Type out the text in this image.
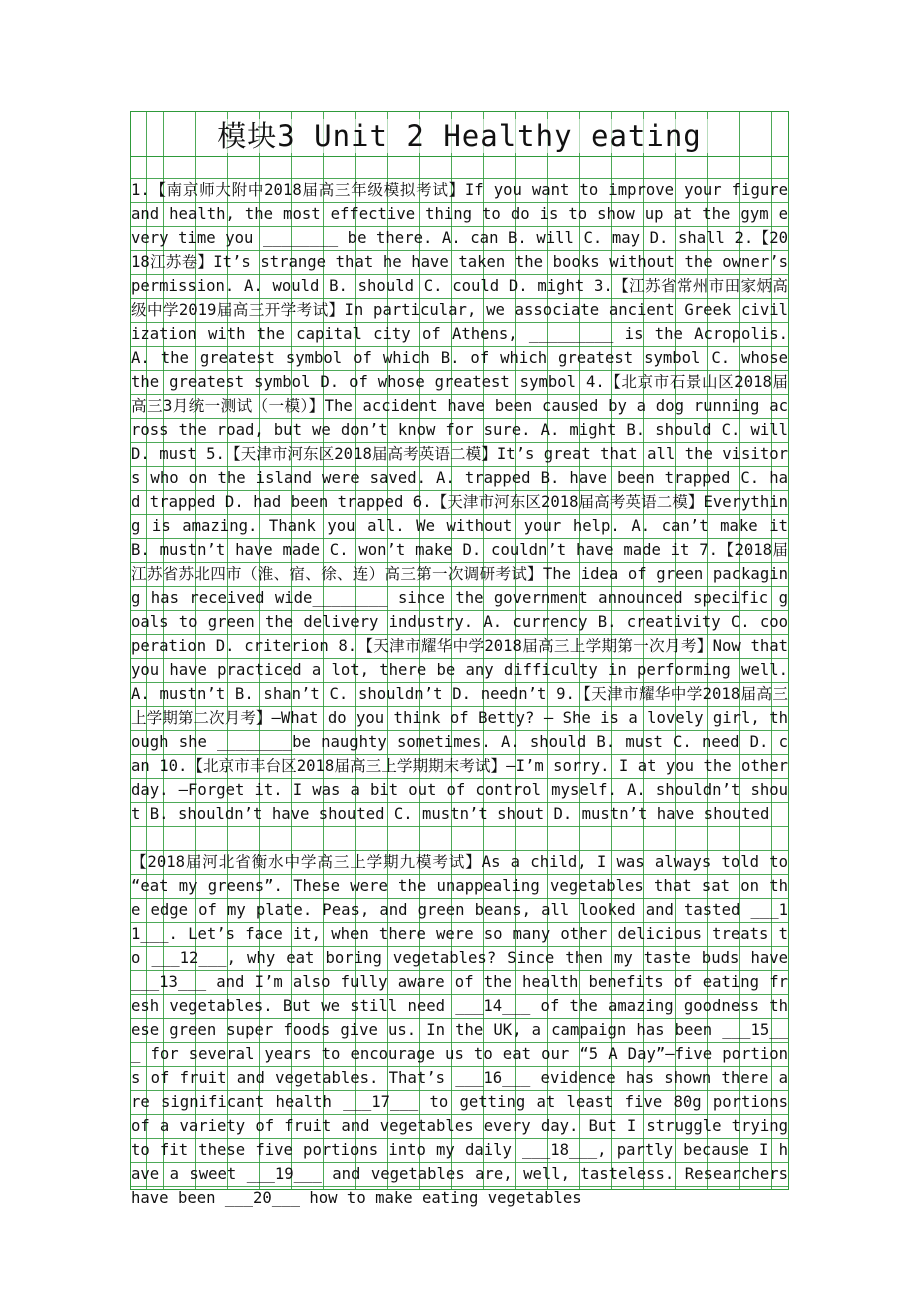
模块3 Unit 2 Healthy eating

1.【南京师大附中2018届高三年级模拟考试】If you want to improve your figure and health, the most effective thing to do is to show up at the gym every time you ________ be there. A. can B. will C. may D. shall 2.【2018江苏卷】It’s strange that he have taken the books without the owner’s permission. A. would B. should C. could D. might 3.【江苏省常州市田家炳高级中学2019届高三开学考试】In particular, we associate ancient Greek civilization with the capital city of Athens, _________ is the Acropolis. A. the greatest symbol of which B. of which greatest symbol C. whose the greatest symbol D. of whose greatest symbol 4.【北京市石景山区2018届高三3月统一测试（一模）】The accident have been caused by a dog running across the road, but we don’t know for sure. A. might B. should C. will D. must 5.【天津市河东区2018届高考英语二模】It’s great that all the visitors who on the island were saved. A. trapped B. have been trapped C. had trapped D. had been trapped 6.【天津市河东区2018届高考英语二模】Everything is amazing. Thank you all. We without your help. A. can’t make it B. mustn’t have made C. won’t make D. couldn’t have made it 7.【2018届江苏省苏北四市（淮、宿、徐、连）高三第一次调研考试】The idea of green packaging has received wide________ since the government announced specific goals to green the delivery industry. A. currency B. creativity C. cooperation D. criterion 8.【天津市耀华中学2018届高三上学期第一次月考】Now that you have practiced a lot, there be any difficulty in performing well. A. mustn’t B. shan’t C. shouldn’t D. needn’t 9.【天津市耀华中学2018届高三上学期第二次月考】—What do you think of Betty? — She is a lovely girl, though she ________be naughty sometimes. A. should B. must C. need D. can 10.【北京市丰台区2018届高三上学期期末考试】—I’m sorry. I at you the other day. —Forget it. I was a bit out of control myself. A. shouldn’t shout B. shouldn’t have shouted C. mustn’t shout D. mustn’t have shouted

【2018届河北省衡水中学高三上学期九模考试】As a child, I was always told to “eat my greens”. These were the unappealing vegetables that sat on the edge of my plate. Peas, and green beans, all looked and tasted ___11___. Let’s face it, when there were so many other delicious treats to ___12___, why eat boring vegetables? Since then my taste buds have ___13___ and I’m also fully aware of the health benefits of eating fresh vegetables. But we still need ___14___ of the amazing goodness these green super foods give us. In the UK, a campaign has been ___15___ for several years to encourage us to eat our “5 A Day”—five portions of fruit and vegetables. That’s ___16___ evidence has shown there are significant health ___17___ to getting at least five 80g portions of a variety of fruit and vegetables every day. But I struggle trying to fit these five portions into my daily ___18___, partly because I have a sweet ___19___ and vegetables are, well, tasteless. Researchers have been ___20___ how to make eating vegetables
